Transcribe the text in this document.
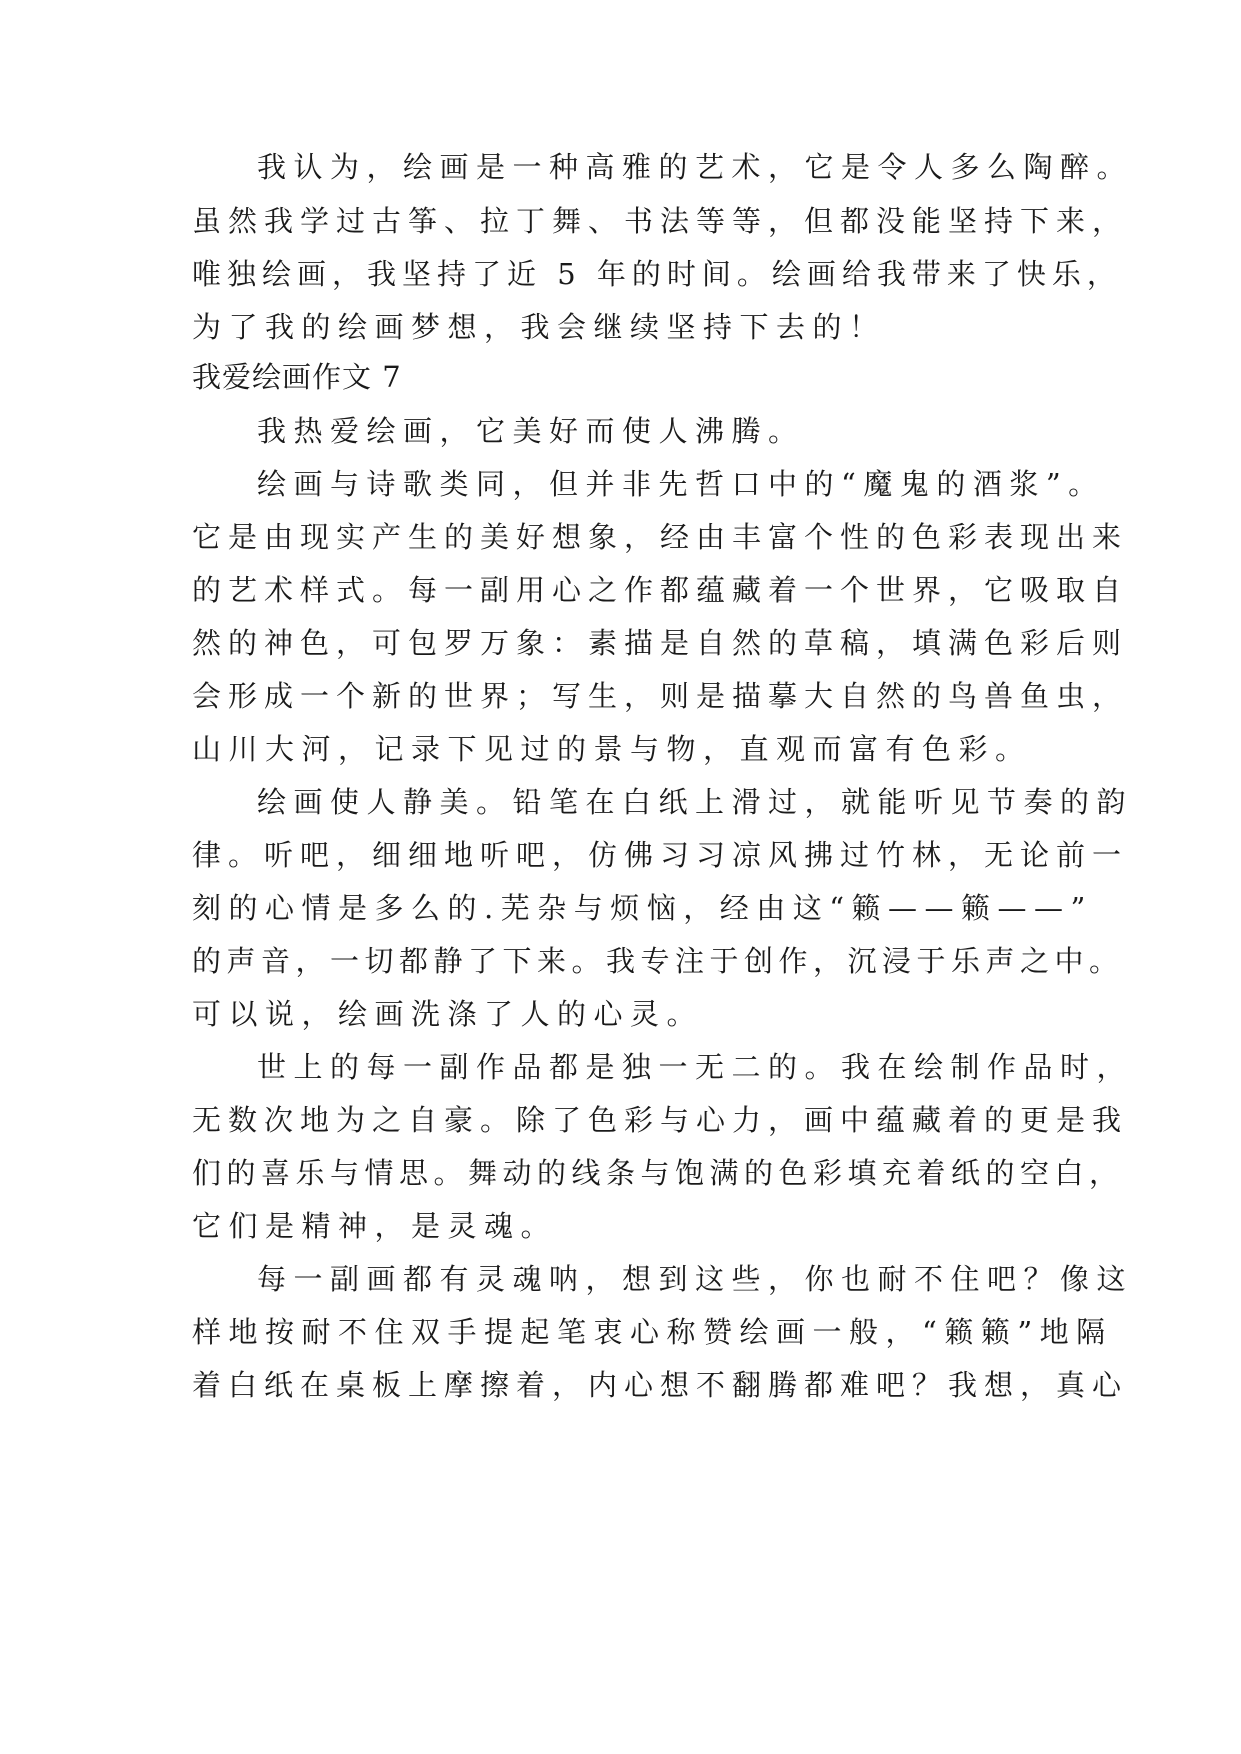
我认为，绘画是一种高雅的艺术，它是令人多么陶醉。
虽然我学过古筝、拉丁舞、书法等等，但都没能坚持下来，
唯独绘画，我坚持了近 5 年的时间。绘画给我带来了快乐，
为了我的绘画梦想，我会继续坚持下去的！
我爱绘画作文 7
我热爱绘画，它美好而使人沸腾。
绘画与诗歌类同，但并非先哲口中的“魔鬼的酒浆”。
它是由现实产生的美好想象，经由丰富个性的色彩表现出来
的艺术样式。每一副用心之作都蕴藏着一个世界，它吸取自
然的神色，可包罗万象：素描是自然的草稿，填满色彩后则
会形成一个新的世界；写生，则是描摹大自然的鸟兽鱼虫，
山川大河，记录下见过的景与物，直观而富有色彩。
绘画使人静美。铅笔在白纸上滑过，就能听见节奏的韵
律。听吧，细细地听吧，仿佛习习凉风拂过竹林，无论前一
刻的心情是多么的.芜杂与烦恼，经由这“籁——籁——”
的声音，一切都静了下来。我专注于创作，沉浸于乐声之中。
可以说，绘画洗涤了人的心灵。
世上的每一副作品都是独一无二的。我在绘制作品时，
无数次地为之自豪。除了色彩与心力，画中蕴藏着的更是我
们的喜乐与情思。舞动的线条与饱满的色彩填充着纸的空白，
它们是精神，是灵魂。
每一副画都有灵魂呐，想到这些，你也耐不住吧？像这
样地按耐不住双手提起笔衷心称赞绘画一般，“籁籁”地隔
着白纸在桌板上摩擦着，内心想不翻腾都难吧？我想，真心
